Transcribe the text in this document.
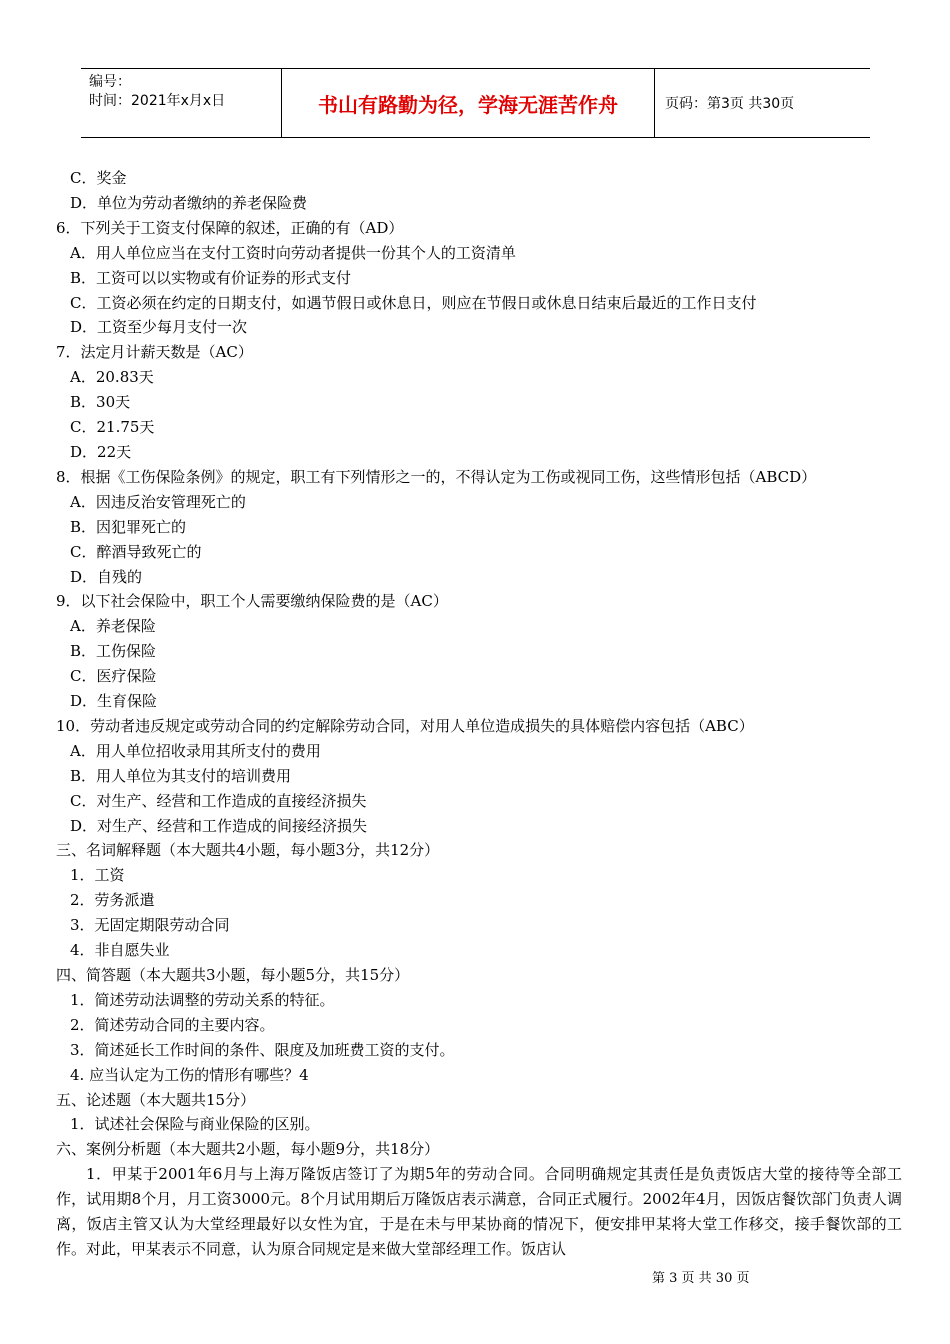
编号：
时间：2021年x月x日	书山有路勤为径，学海无涯苦作舟	页码：第3页 共30页
C．奖金
D．单位为劳动者缴纳的养老保险费
6．下列关于工资支付保障的叙述，正确的有（AD）
A．用人单位应当在支付工资时向劳动者提供一份其个人的工资清单
B．工资可以以实物或有价证券的形式支付
C．工资必须在约定的日期支付，如遇节假日或休息日，则应在节假日或休息日结束后最近的工作日支付
D．工资至少每月支付一次
7．法定月计薪天数是（AC）
A．20.83天
B．30天
C．21.75天
D．22天
8．根据《工伤保险条例》的规定，职工有下列情形之一的，不得认定为工伤或视同工伤，这些情形包括（ABCD）
A．因违反治安管理死亡的
B．因犯罪死亡的
C．醉酒导致死亡的
D．自残的
9．以下社会保险中，职工个人需要缴纳保险费的是（AC）
A．养老保险
B．工伤保险
C．医疗保险
D．生育保险
10．劳动者违反规定或劳动合同的约定解除劳动合同，对用人单位造成损失的具体赔偿内容包括（ABC）
A．用人单位招收录用其所支付的费用
B．用人单位为其支付的培训费用
C．对生产、经营和工作造成的直接经济损失
D．对生产、经营和工作造成的间接经济损失
三、名词解释题（本大题共4小题，每小题3分，共12分）
1．工资
2．劳务派遣
3．无固定期限劳动合同
4．非自愿失业
四、简答题（本大题共3小题，每小题5分，共15分）
1．简述劳动法调整的劳动关系的特征。
2．简述劳动合同的主要内容。
3．简述延长工作时间的条件、限度及加班费工资的支付。
4. 应当认定为工伤的情形有哪些？4
五、论述题（本大题共15分）
1．试述社会保险与商业保险的区别。
六、案例分析题（本大题共2小题，每小题9分，共18分）
1．甲某于2001年6月与上海万隆饭店签订了为期5年的劳动合同。合同明确规定其责任是负责饭店大堂的接待等全部工作，试用期8个月，月工资3000元。8个月试用期后万隆饭店表示满意，合同正式履行。2002年4月，因饭店餐饮部门负责人调离，饭店主管又认为大堂经理最好以女性为宜，于是在未与甲某协商的情况下，便安排甲某将大堂工作移交，接手餐饮部的工作。对此，甲某表示不同意，认为原合同规定是来做大堂部经理工作。饭店认
第 3 页 共 30 页
